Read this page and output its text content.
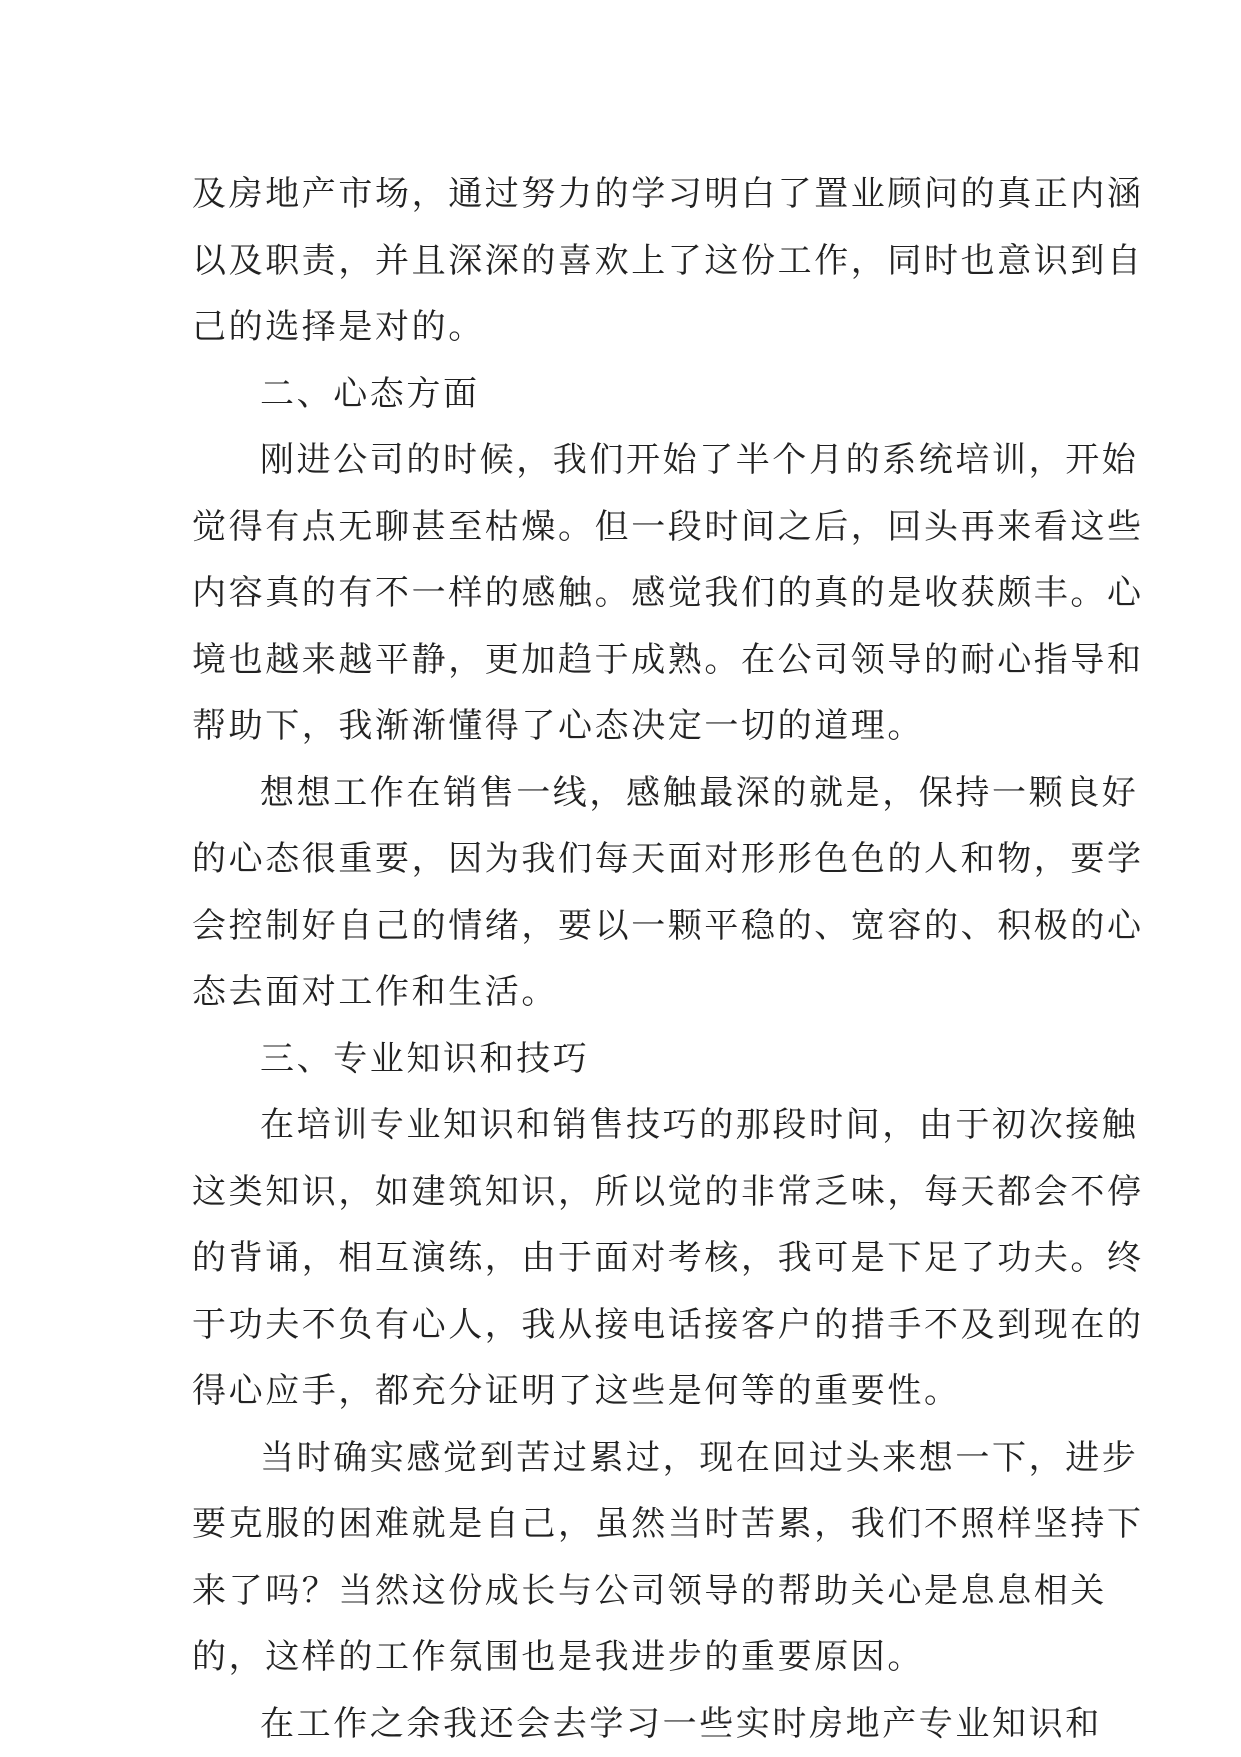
及房地产市场，通过努力的学习明白了置业顾问的真正内涵
以及职责，并且深深的喜欢上了这份工作，同时也意识到自
己的选择是对的。
二、心态方面
刚进公司的时候，我们开始了半个月的系统培训，开始
觉得有点无聊甚至枯燥。但一段时间之后，回头再来看这些
内容真的有不一样的感触。感觉我们的真的是收获颇丰。心
境也越来越平静，更加趋于成熟。在公司领导的耐心指导和
帮助下，我渐渐懂得了心态决定一切的道理。
想想工作在销售一线，感触最深的就是，保持一颗良好
的心态很重要，因为我们每天面对形形色色的人和物，要学
会控制好自己的情绪，要以一颗平稳的、宽容的、积极的心
态去面对工作和生活。
三、专业知识和技巧
在培训专业知识和销售技巧的那段时间，由于初次接触
这类知识，如建筑知识，所以觉的非常乏味，每天都会不停
的背诵，相互演练，由于面对考核，我可是下足了功夫。终
于功夫不负有心人，我从接电话接客户的措手不及到现在的
得心应手，都充分证明了这些是何等的重要性。
当时确实感觉到苦过累过，现在回过头来想一下，进步
要克服的困难就是自己，虽然当时苦累，我们不照样坚持下
来了吗？当然这份成长与公司领导的帮助关心是息息相关
的，这样的工作氛围也是我进步的重要原因。
在工作之余我还会去学习一些实时房地产专业知识和
